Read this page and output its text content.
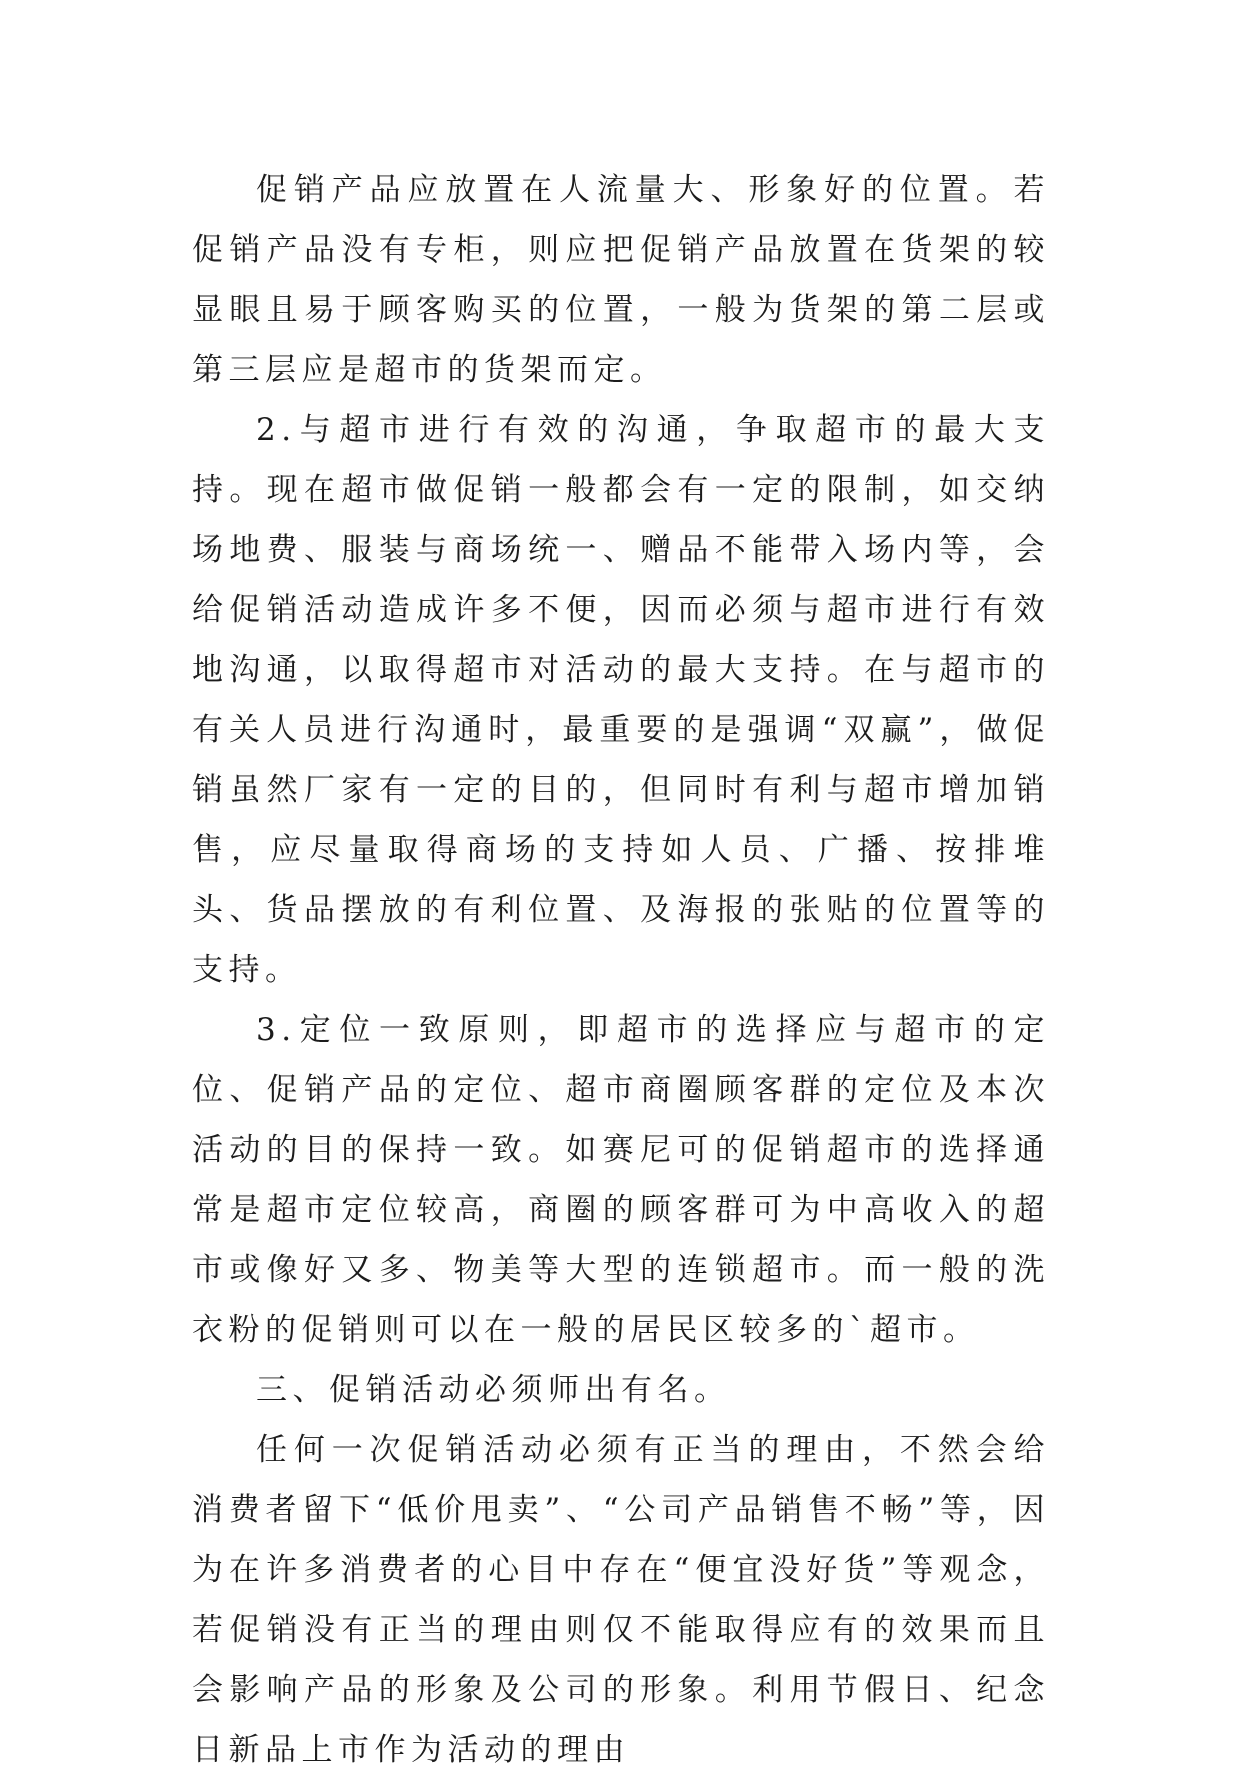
促销产品应放置在人流量大、形象好的位置。若促销产品没有专柜，则应把促销产品放置在货架的较显眼且易于顾客购买的位置，一般为货架的第二层或第三层应是超市的货架而定。

2.与超市进行有效的沟通，争取超市的最大支持。现在超市做促销一般都会有一定的限制，如交纳场地费、服装与商场统一、赠品不能带入场内等，会给促销活动造成许多不便，因而必须与超市进行有效地沟通，以取得超市对活动的最大支持。在与超市的有关人员进行沟通时，最重要的是强调“双赢”，做促销虽然厂家有一定的目的，但同时有利与超市增加销售，应尽量取得商场的支持如人员、广播、按排堆头、货品摆放的有利位置、及海报的张贴的位置等的支持。

3.定位一致原则，即超市的选择应与超市的定位、促销产品的定位、超市商圈顾客群的定位及本次活动的目的保持一致。如赛尼可的促销超市的选择通常是超市定位较高，商圈的顾客群可为中高收入的超市或像好又多、物美等大型的连锁超市。而一般的洗衣粉的促销则可以在一般的居民区较多的`超市。

三、促销活动必须师出有名。

任何一次促销活动必须有正当的理由，不然会给消费者留下“低价甩卖”、“公司产品销售不畅”等，因为在许多消费者的心目中存在“便宜没好货”等观念，若促销没有正当的理由则仅不能取得应有的效果而且会影响产品的形象及公司的形象。利用节假日、纪念日新品上市作为活动的理由
